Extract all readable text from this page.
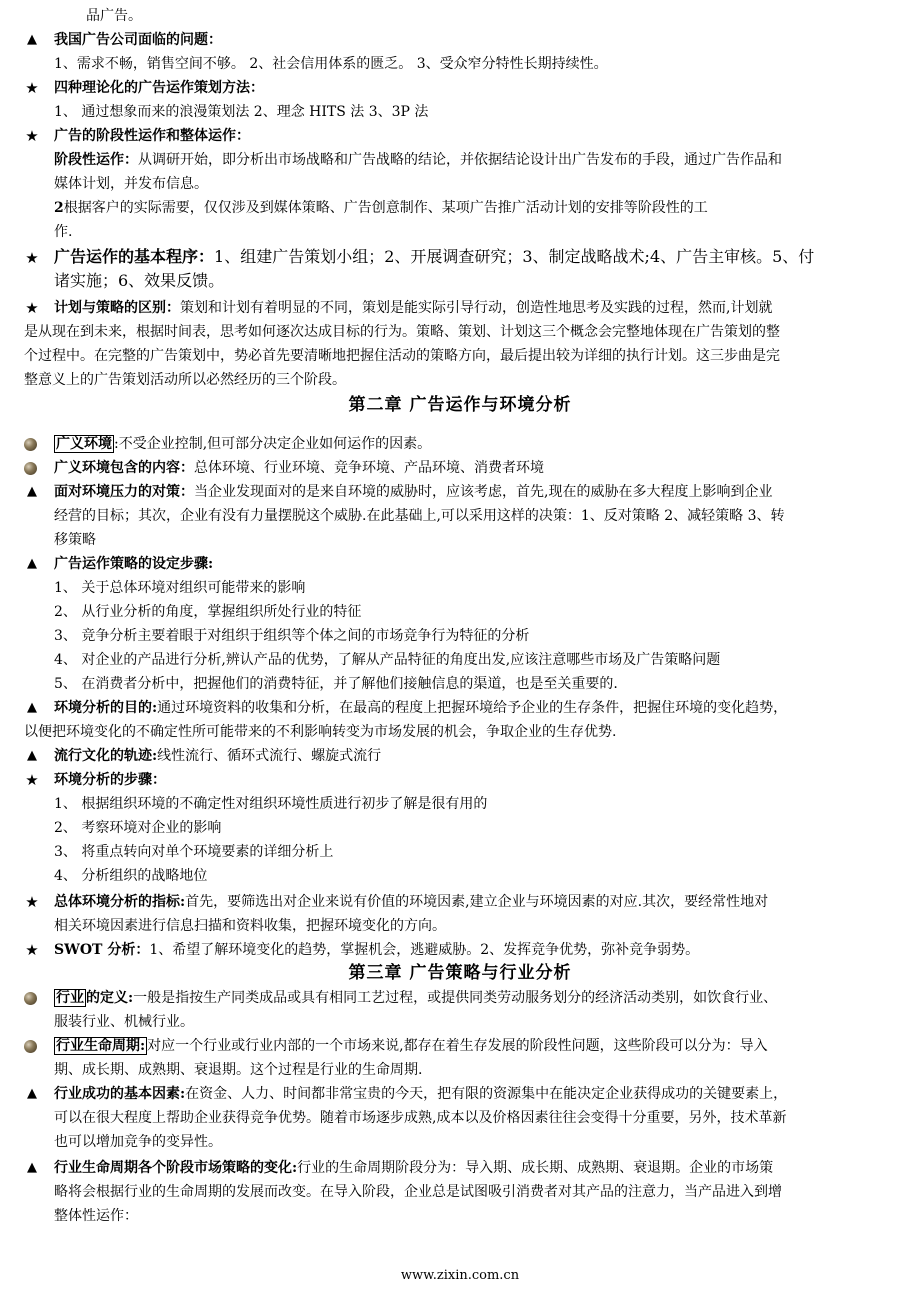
品广告。
▲ 我国广告公司面临的问题：
1、需求不畅，销售空间不够。 2、社会信用体系的匮乏。 3、受众窄分特性长期持续性。
★ 四种理论化的广告运作策划方法：
1、 通过想象而来的浪漫策划法 2、理念 HITS 法 3、3P 法
★ 广告的阶段性运作和整体运作：
阶段性运作：从调研开始，即分析出市场战略和广告战略的结论，并依据结论设计出广告发布的手段，通过广告作品和
媒体计划，并发布信息。
2根据客户的实际需要，仅仅涉及到媒体策略、广告创意制作、某项广告推广活动计划的安排等阶段性的工
作.
★ 广告运作的基本程序：1、组建广告策划小组；2、开展调查研究；3、制定战略战术;4、广告主审核。5、付
诸实施；6、效果反馈。
★ 计划与策略的区别：策划和计划有着明显的不同，策划是能实际引导行动，创造性地思考及实践的过程，然而,计划就
是从现在到未来，根据时间表，思考如何逐次达成目标的行为。策略、策划、计划这三个概念会完整地体现在广告策划的整
个过程中。在完整的广告策划中，势必首先要清晰地把握住活动的策略方向，最后提出较为详细的执行计划。这三步曲是完
整意义上的广告策划活动所以必然经历的三个阶段。
第二章 广告运作与环境分析
广义环境 :不受企业控制,但可部分决定企业如何运作的因素。
广义环境包含的内容：总体环境、行业环境、竞争环境、产品环境、消费者环境
▲ 面对环境压力的对策：当企业发现面对的是来自环境的威胁时，应该考虑，首先,现在的威胁在多大程度上影响到企业
经营的目标；其次，企业有没有力量摆脱这个威胁.在此基础上,可以采用这样的决策：1、反对策略 2、减轻策略 3、转
移策略
▲ 广告运作策略的设定步骤:
1、 关于总体环境对组织可能带来的影响
2、 从行业分析的角度，掌握组织所处行业的特征
3、 竞争分析主要着眼于对组织于组织等个体之间的市场竞争行为特征的分析
4、 对企业的产品进行分析,辨认产品的优势，了解从产品特征的角度出发,应该注意哪些市场及广告策略问题
5、 在消费者分析中，把握他们的消费特征，并了解他们接触信息的渠道，也是至关重要的.
▲ 环境分析的目的:通过环境资料的收集和分析，在最高的程度上把握环境给予企业的生存条件，把握住环境的变化趋势，
以便把环境变化的不确定性所可能带来的不利影响转变为市场发展的机会，争取企业的生存优势.
▲ 流行文化的轨迹:线性流行、循环式流行、螺旋式流行
★ 环境分析的步骤：
1、 根据组织环境的不确定性对组织环境性质进行初步了解是很有用的
2、 考察环境对企业的影响
3、 将重点转向对单个环境要素的详细分析上
4、 分析组织的战略地位
★ 总体环境分析的指标:首先，要筛选出对企业来说有价值的环境因素,建立企业与环境因素的对应.其次，要经常性地对
相关环境因素进行信息扫描和资料收集，把握环境变化的方向。
★ SWOT 分析：1、希望了解环境变化的趋势，掌握机会，逃避威胁。2、发挥竞争优势，弥补竞争弱势。
第三章 广告策略与行业分析
行业 的定义:一般是指按生产同类成品或具有相同工艺过程，或提供同类劳动服务划分的经济活动类别，如饮食行业、
服装行业、机械行业。
行业生命周期: 对应一个行业或行业内部的一个市场来说,都存在着生存发展的阶段性问题，这些阶段可以分为：导入
期、成长期、成熟期、衰退期。这个过程是行业的生命周期.
▲ 行业成功的基本因素:在资金、人力、时间都非常宝贵的今天，把有限的资源集中在能决定企业获得成功的关键要素上，
可以在很大程度上帮助企业获得竞争优势。随着市场逐步成熟,成本以及价格因素往往会变得十分重要，另外，技术革新
也可以增加竞争的变异性。
▲ 行业生命周期各个阶段市场策略的变化:行业的生命周期阶段分为：导入期、成长期、成熟期、衰退期。企业的市场策
略将会根据行业的生命周期的发展而改变。在导入阶段，企业总是试图吸引消费者对其产品的注意力，当产品进入到增
整体性运作：
www.zixin.com.cn
